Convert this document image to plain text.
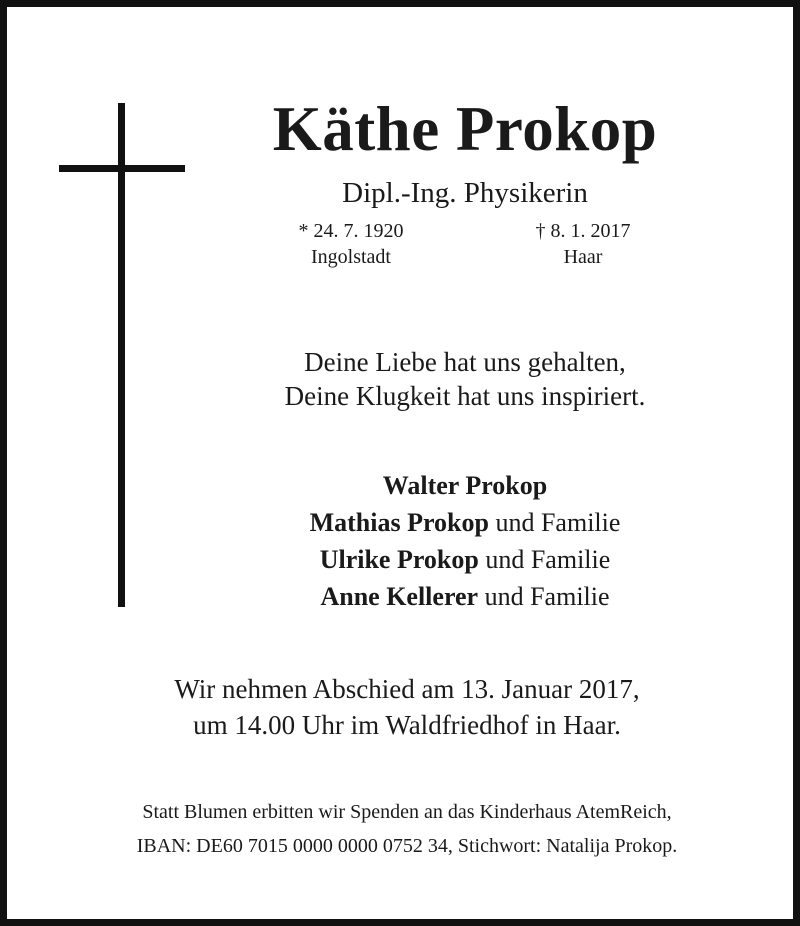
Käthe Prokop
Dipl.-Ing. Physikerin
* 24. 7. 1920
Ingolstadt
† 8. 1. 2017
Haar
Deine Liebe hat uns gehalten,
Deine Klugkeit hat uns inspiriert.
Walter Prokop
Mathias Prokop und Familie
Ulrike Prokop und Familie
Anne Kellerer und Familie
Wir nehmen Abschied am 13. Januar 2017,
um 14.00 Uhr im Waldfriedhof in Haar.
Statt Blumen erbitten wir Spenden an das Kinderhaus AtemReich,
IBAN: DE60 7015 0000 0000 0752 34, Stichwort: Natalija Prokop.
